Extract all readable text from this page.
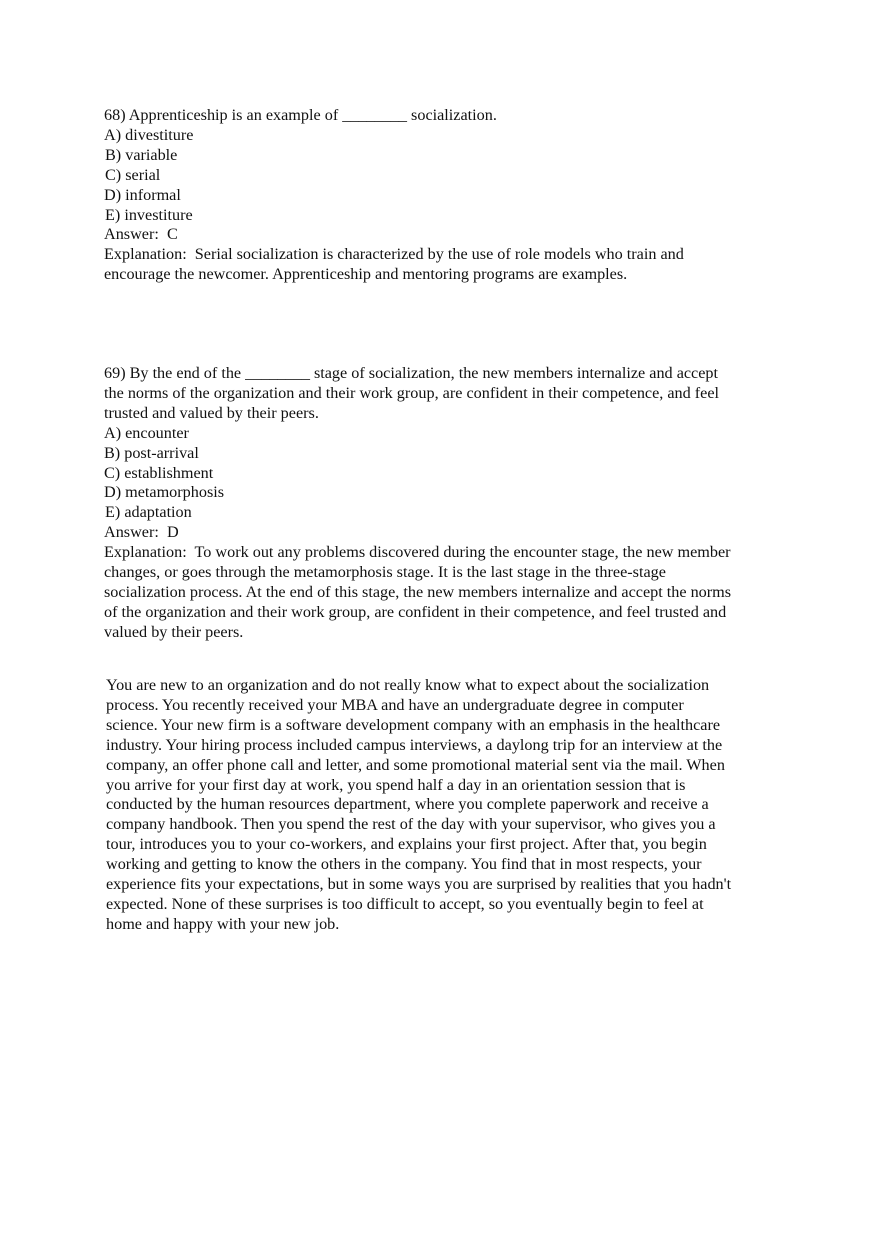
68) Apprenticeship is an example of ________ socialization.
A) divestiture
B) variable
C) serial
D) informal
E) investiture
Answer:  C
Explanation:  Serial socialization is characterized by the use of role models who train and
encourage the newcomer. Apprenticeship and mentoring programs are examples.
69) By the end of the ________ stage of socialization, the new members internalize and accept
the norms of the organization and their work group, are confident in their competence, and feel
trusted and valued by their peers.
A) encounter
B) post-arrival
C) establishment
D) metamorphosis
E) adaptation
Answer:  D
Explanation:  To work out any problems discovered during the encounter stage, the new member
changes, or goes through the metamorphosis stage. It is the last stage in the three-stage
socialization process. At the end of this stage, the new members internalize and accept the norms
of the organization and their work group, are confident in their competence, and feel trusted and
valued by their peers.
You are new to an organization and do not really know what to expect about the socialization
process. You recently received your MBA and have an undergraduate degree in computer
science. Your new firm is a software development company with an emphasis in the healthcare
industry. Your hiring process included campus interviews, a daylong trip for an interview at the
company, an offer phone call and letter, and some promotional material sent via the mail. When
you arrive for your first day at work, you spend half a day in an orientation session that is
conducted by the human resources department, where you complete paperwork and receive a
company handbook. Then you spend the rest of the day with your supervisor, who gives you a
tour, introduces you to your co-workers, and explains your first project. After that, you begin
working and getting to know the others in the company. You find that in most respects, your
experience fits your expectations, but in some ways you are surprised by realities that you hadn't
expected. None of these surprises is too difficult to accept, so you eventually begin to feel at
home and happy with your new job.
